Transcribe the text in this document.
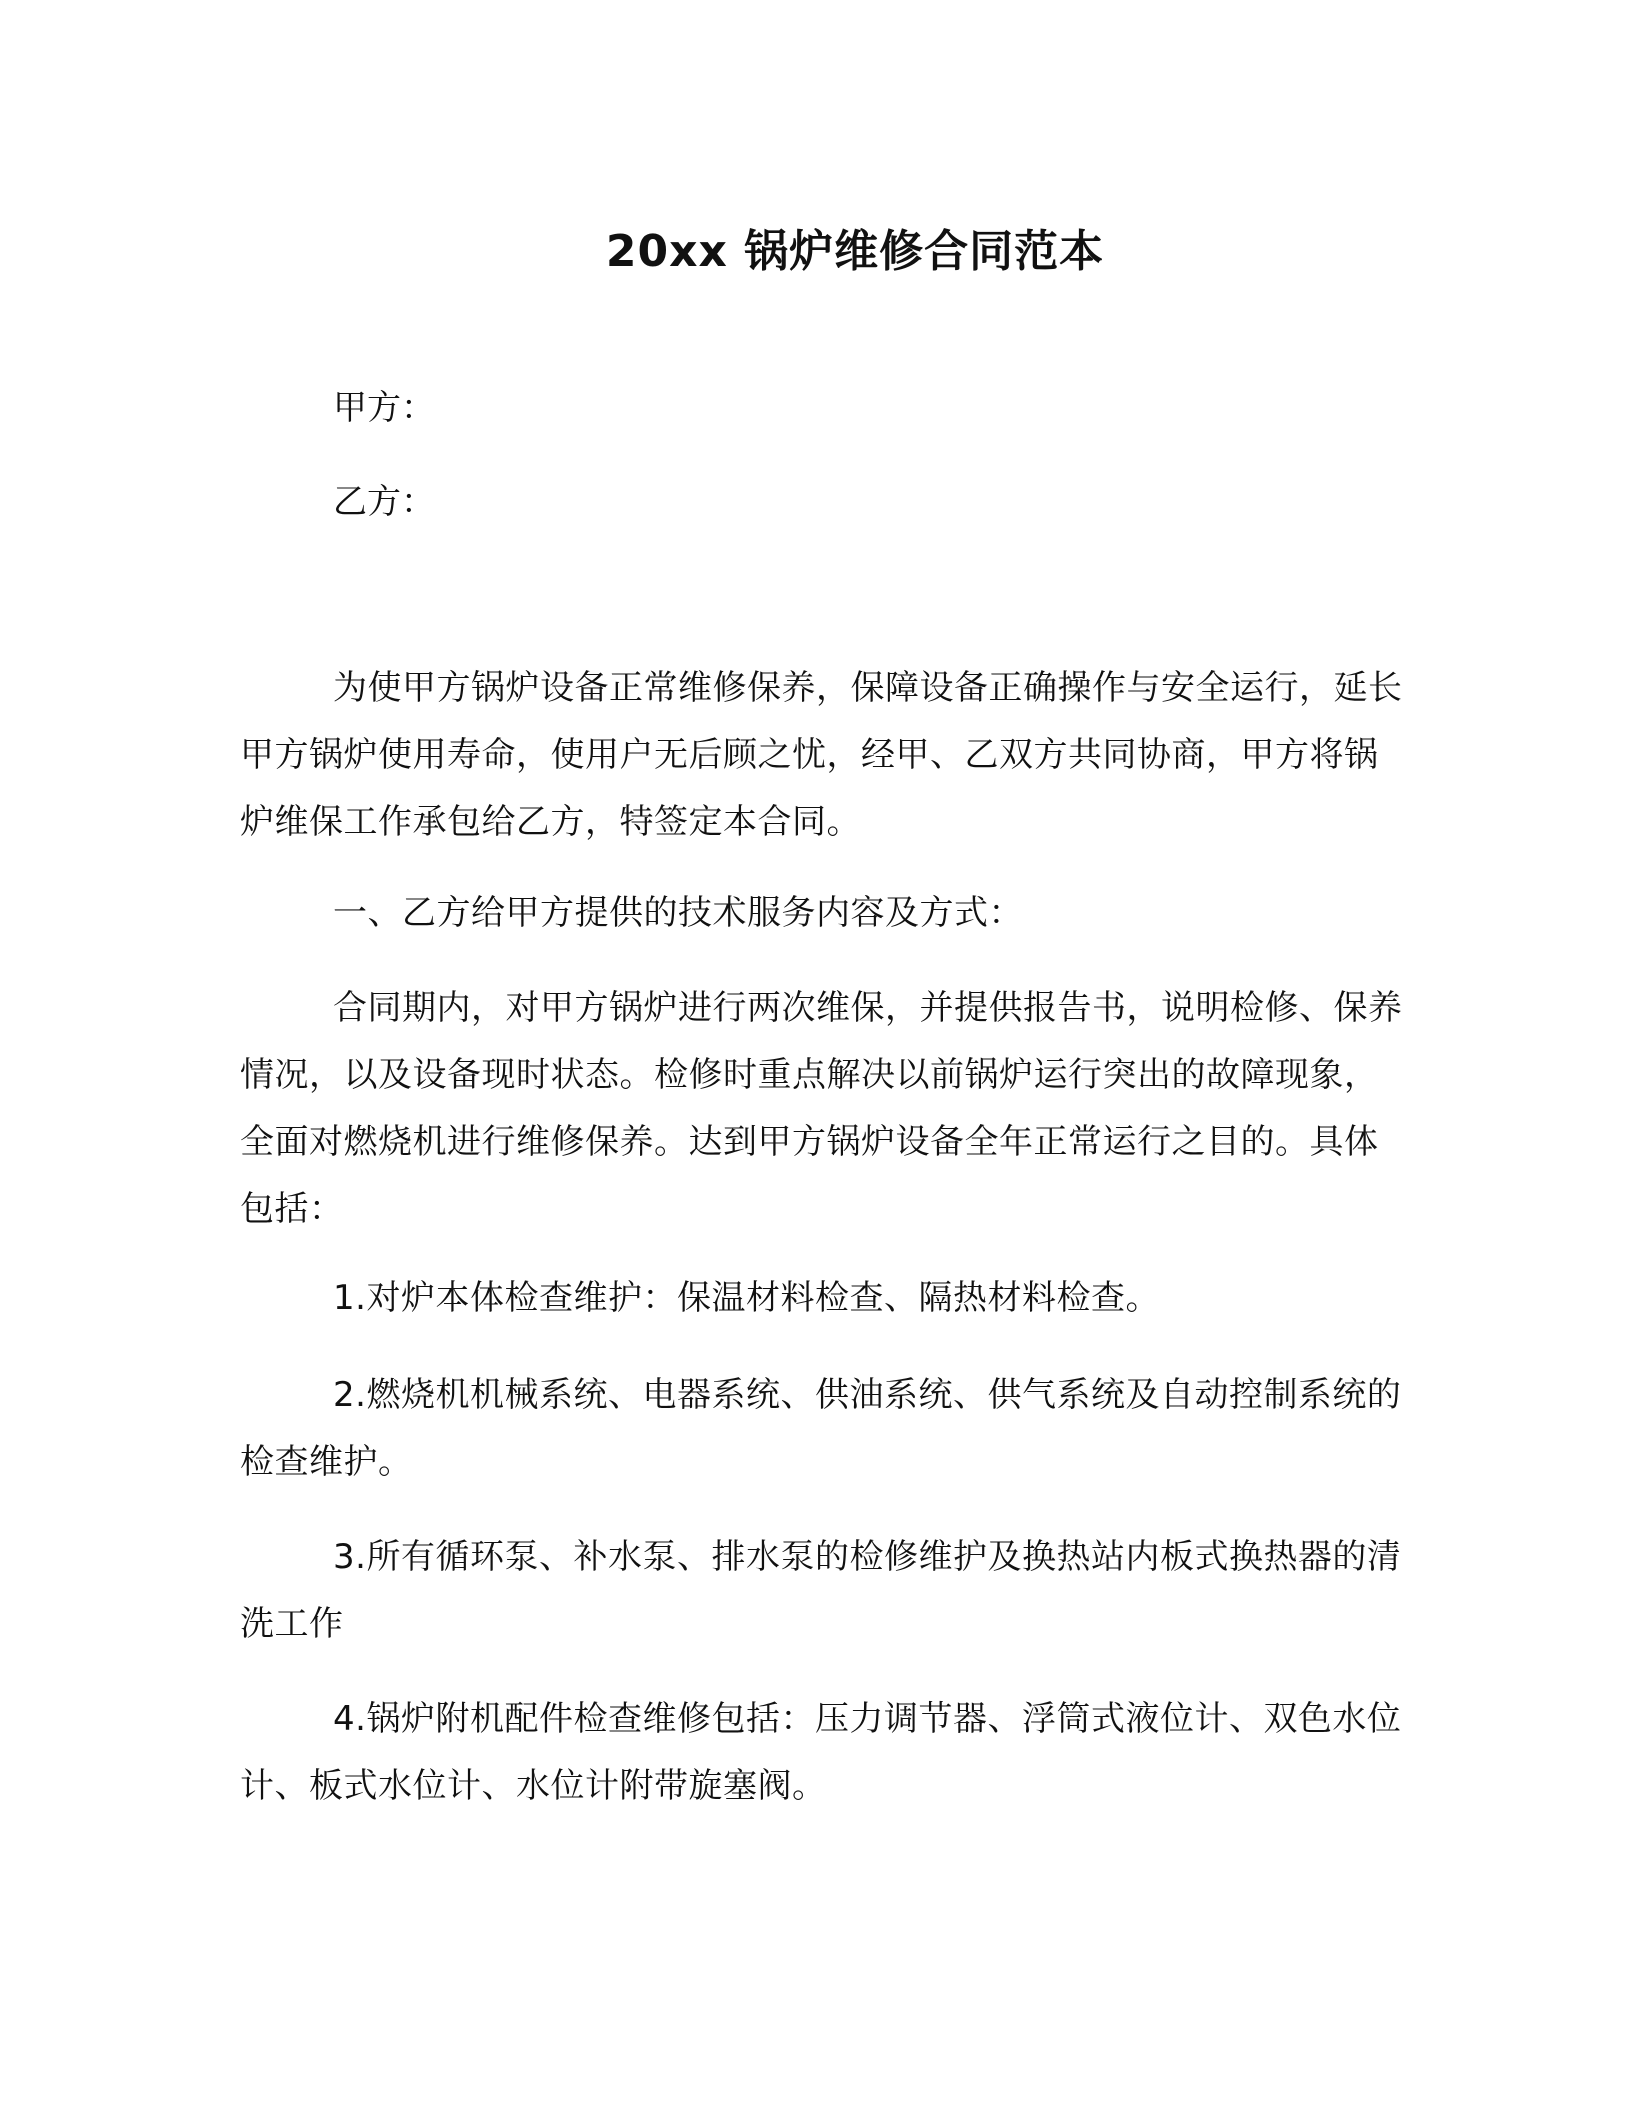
20xx 锅炉维修合同范本
甲方：
乙方：

为使甲方锅炉设备正常维修保养，保障设备正确操作与安全运行，延长甲方锅炉使用寿命，使用户无后顾之忧，经甲、乙双方共同协商，甲方将锅炉维保工作承包给乙方，特签定本合同。

一、乙方给甲方提供的技术服务内容及方式：

合同期内，对甲方锅炉进行两次维保，并提供报告书，说明检修、保养情况，以及设备现时状态。检修时重点解决以前锅炉运行突出的故障现象，全面对燃烧机进行维修保养。达到甲方锅炉设备全年正常运行之目的。具体包括：

1.对炉本体检查维护：保温材料检查、隔热材料检查。

2.燃烧机机械系统、电器系统、供油系统、供气系统及自动控制系统的检查维护。

3.所有循环泵、补水泵、排水泵的检修维护及换热站内板式换热器的清洗工作

4.锅炉附机配件检查维修包括：压力调节器、浮筒式液位计、双色水位计、板式水位计、水位计附带旋塞阀。
